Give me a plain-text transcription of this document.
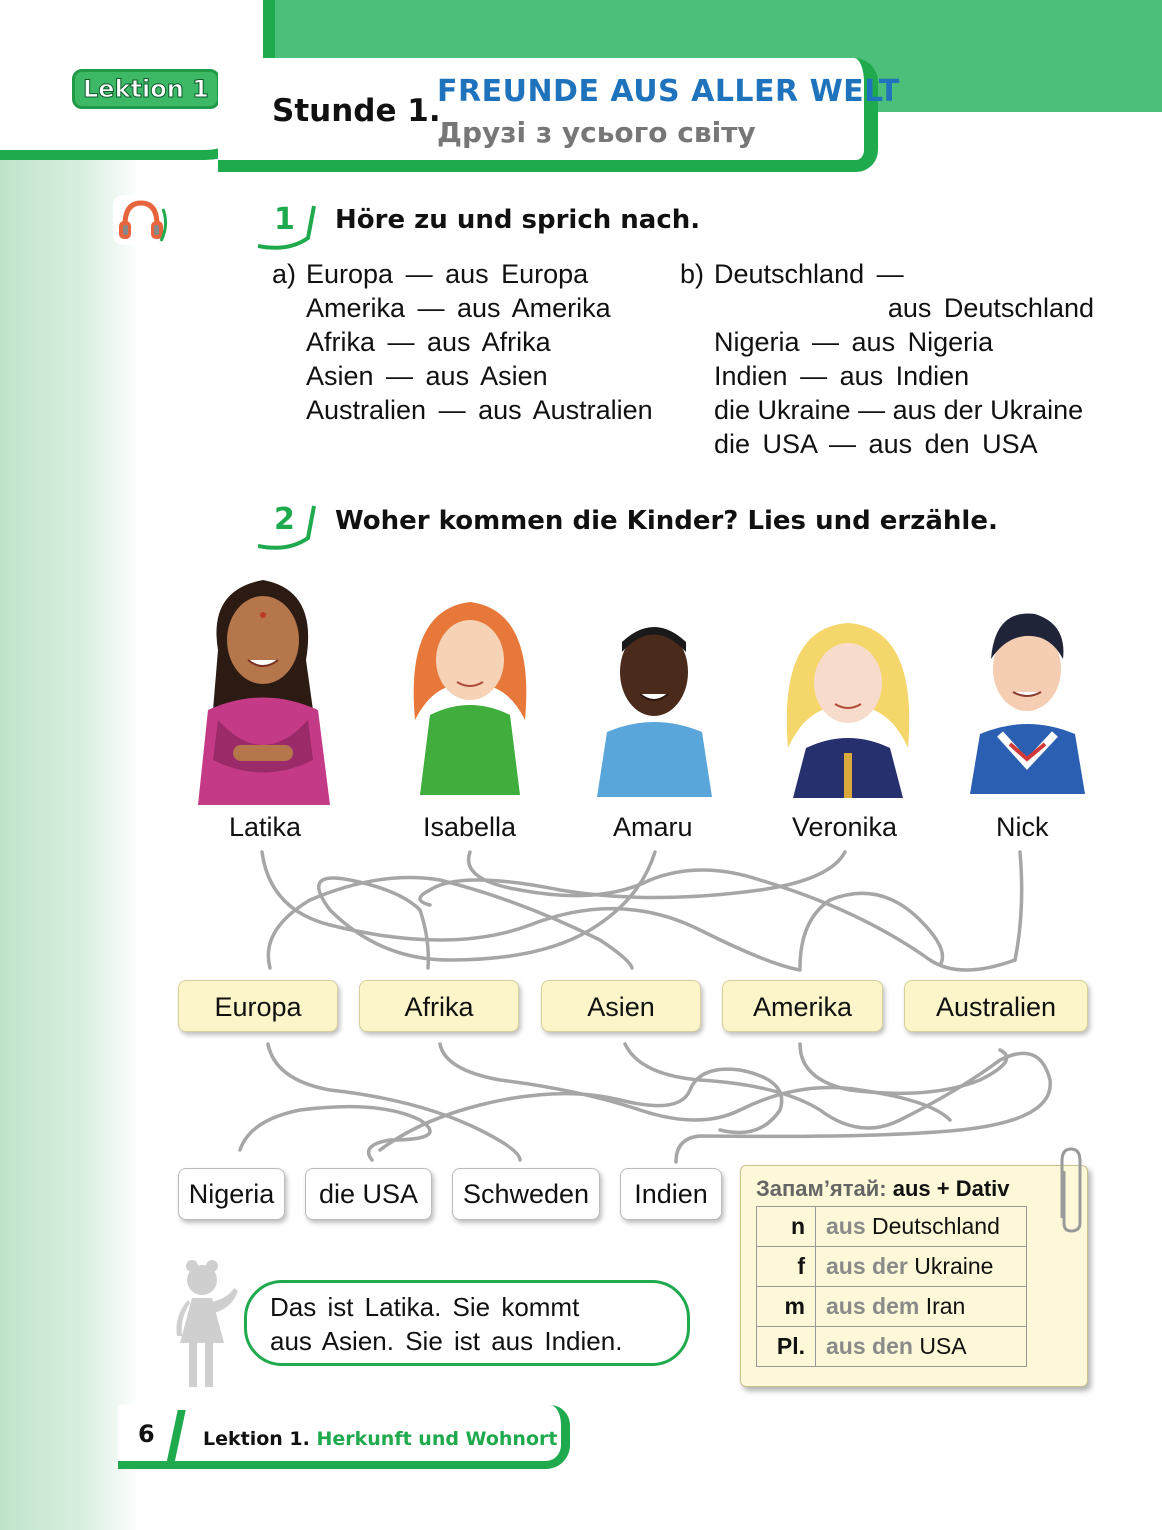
Lektion 1
Stunde 1.
FREUNDE AUS ALLER WELT
Друзі з усього світу
1 Höre zu und sprich nach.
a) Europa — aus Europa
Amerika — aus Amerika
Afrika — aus Afrika
Asien — aus Asien
Australien — aus Australien
b) Deutschland —
aus Deutschland
Nigeria — aus Nigeria
Indien — aus Indien
die Ukraine — aus der Ukraine
die USA — aus den USA
2 Woher kommen die Kinder? Lies und erzähle.
Latika	Isabella	Amaru	Veronika	Nick
Europa	Afrika	Asien	Amerika	Australien
Nigeria	die USA	Schweden	Indien
Das ist Latika. Sie kommt
aus Asien. Sie ist aus Indien.
Запам’ятай: aus + Dativ
n	aus Deutschland
f	aus der Ukraine
m	aus dem Iran
Pl.	aus den USA
6	Lektion 1. Herkunft und Wohnort
